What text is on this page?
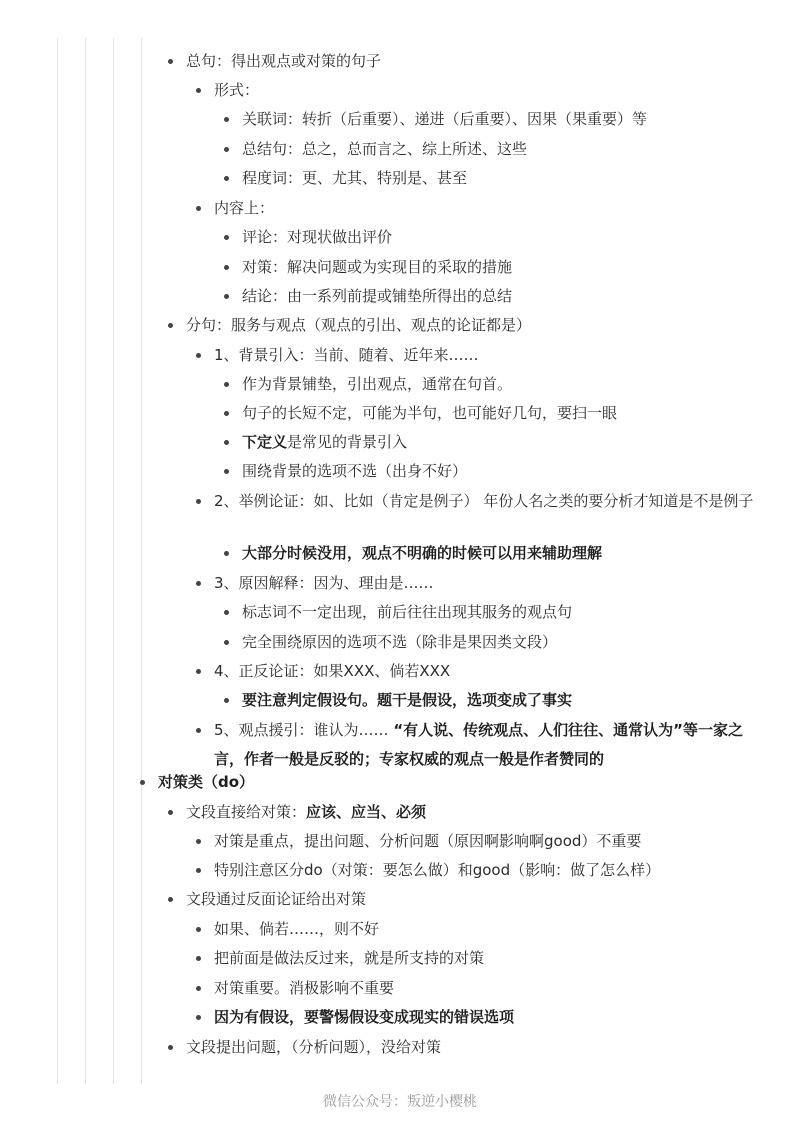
总句：得出观点或对策的句子
形式：
关联词：转折（后重要）、递进（后重要）、因果（果重要）等
总结句：总之，总而言之、综上所述、这些
程度词：更、尤其、特别是、甚至
内容上：
评论：对现状做出评价
对策：解决问题或为实现目的采取的措施
结论：由一系列前提或铺垫所得出的总结
分句：服务与观点（观点的引出、观点的论证都是）
1、背景引入：当前、随着、近年来……
作为背景铺垫，引出观点，通常在句首。
句子的长短不定，可能为半句，也可能好几句，要扫一眼
下定义是常见的背景引入
围绕背景的选项不选（出身不好）
2、举例论证：如、比如（肯定是例子） 年份人名之类的要分析才知道是不是例子
大部分时候没用，观点不明确的时候可以用来辅助理解
3、原因解释：因为、理由是……
标志词不一定出现，前后往往出现其服务的观点句
完全围绕原因的选项不选（除非是果因类文段）
4、正反论证：如果XXX、倘若XXX
要注意判定假设句。题干是假设，选项变成了事实
5、观点援引：谁认为…… “有人说、传统观点、人们往往、通常认为”等一家之言，作者一般是反驳的；专家权威的观点一般是作者赞同的
对策类（do）
文段直接给对策：应该、应当、必须
对策是重点，提出问题、分析问题（原因啊影响啊good）不重要
特别注意区分do（对策：要怎么做）和good（影响：做了怎么样）
文段通过反面论证给出对策
如果、倘若……，则不好
把前面是做法反过来，就是所支持的对策
对策重要。消极影响不重要
因为有假设，要警惕假设变成现实的错误选项
文段提出问题，（分析问题），没给对策
微信公众号：叛逆小樱桃
